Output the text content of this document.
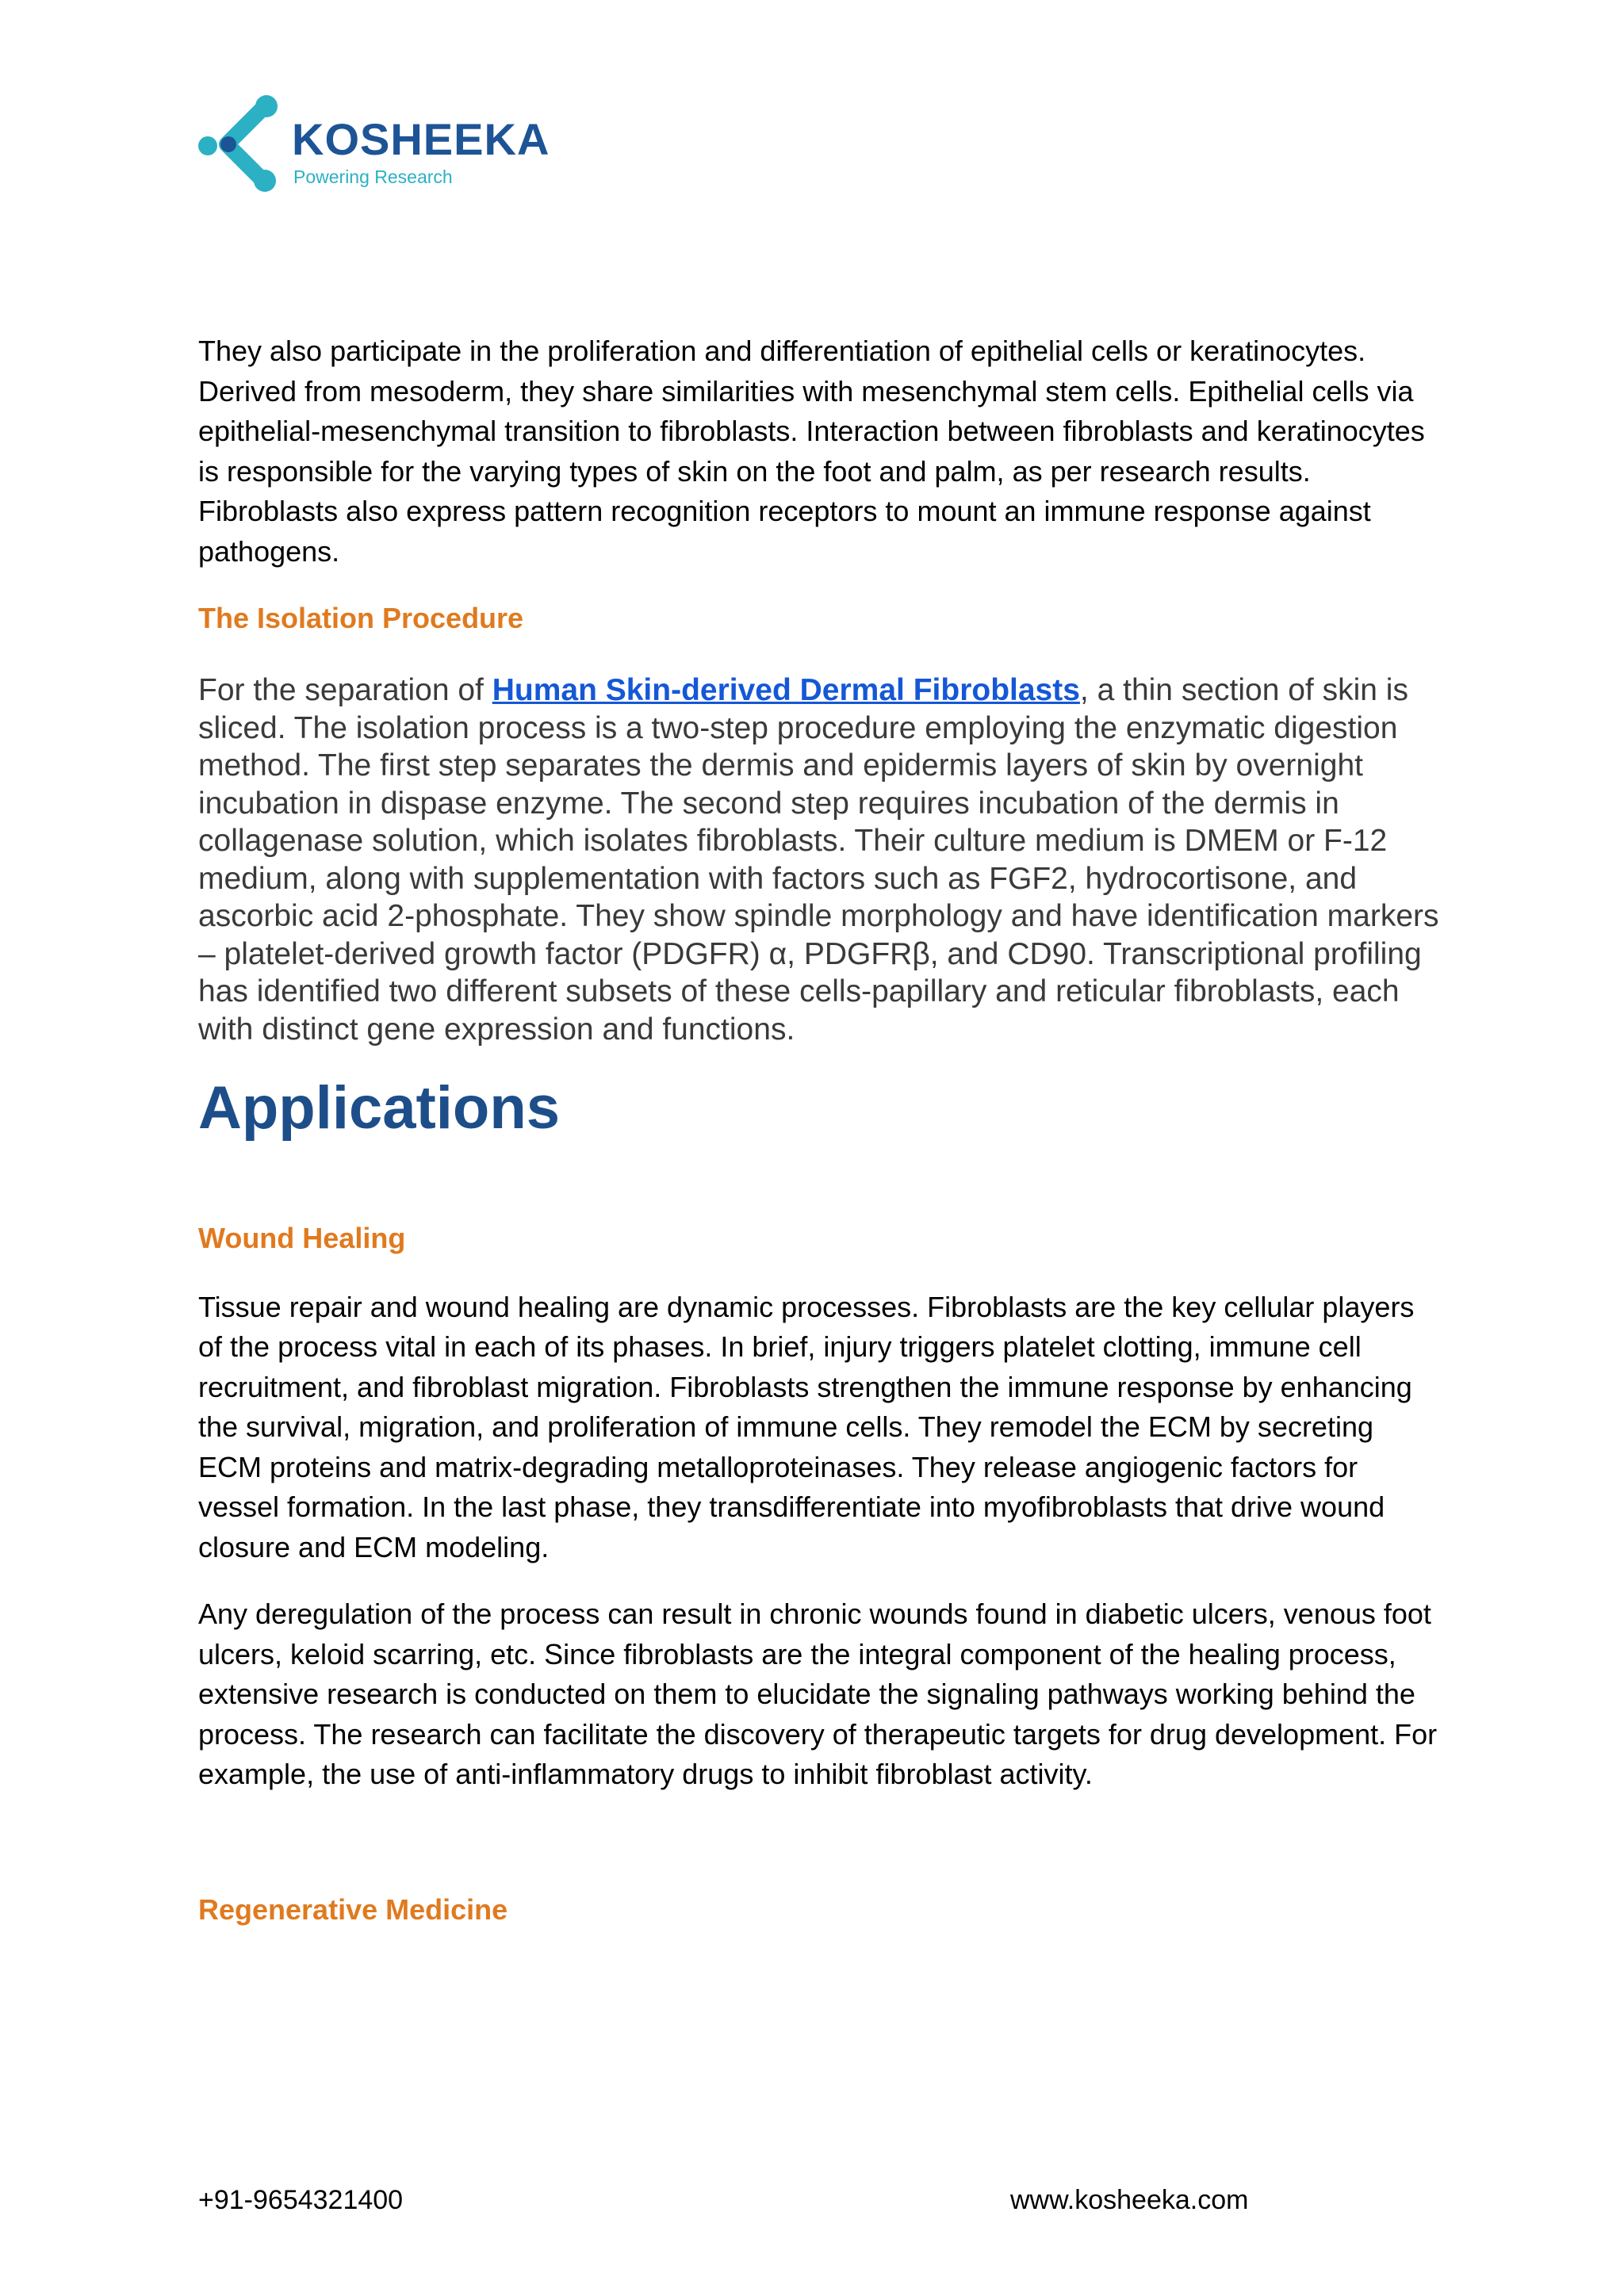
KOSHEEKA
Powering Research

They also participate in the proliferation and differentiation of epithelial cells or keratinocytes. Derived from mesoderm, they share similarities with mesenchymal stem cells. Epithelial cells via epithelial-mesenchymal transition to fibroblasts. Interaction between fibroblasts and keratinocytes is responsible for the varying types of skin on the foot and palm, as per research results. Fibroblasts also express pattern recognition receptors to mount an immune response against pathogens.

The Isolation Procedure

For the separation of Human Skin-derived Dermal Fibroblasts, a thin section of skin is sliced. The isolation process is a two-step procedure employing the enzymatic digestion method. The first step separates the dermis and epidermis layers of skin by overnight incubation in dispase enzyme. The second step requires incubation of the dermis in collagenase solution, which isolates fibroblasts. Their culture medium is DMEM or F-12 medium, along with supplementation with factors such as FGF2, hydrocortisone, and ascorbic acid 2-phosphate. They show spindle morphology and have identification markers – platelet-derived growth factor (PDGFR) α, PDGFRβ, and CD90. Transcriptional profiling has identified two different subsets of these cells-papillary and reticular fibroblasts, each with distinct gene expression and functions.

Applications
Wound Healing

Tissue repair and wound healing are dynamic processes. Fibroblasts are the key cellular players of the process vital in each of its phases. In brief, injury triggers platelet clotting, immune cell recruitment, and fibroblast migration. Fibroblasts strengthen the immune response by enhancing the survival, migration, and proliferation of immune cells. They remodel the ECM by secreting ECM proteins and matrix-degrading metalloproteinases. They release angiogenic factors for vessel formation. In the last phase, they transdifferentiate into myofibroblasts that drive wound closure and ECM modeling.

Any deregulation of the process can result in chronic wounds found in diabetic ulcers, venous foot ulcers, keloid scarring, etc. Since fibroblasts are the integral component of the healing process, extensive research is conducted on them to elucidate the signaling pathways working behind the process. The research can facilitate the discovery of therapeutic targets for drug development. For example, the use of anti-inflammatory drugs to inhibit fibroblast activity.

Regenerative Medicine
+91-9654321400	www.kosheeka.com
